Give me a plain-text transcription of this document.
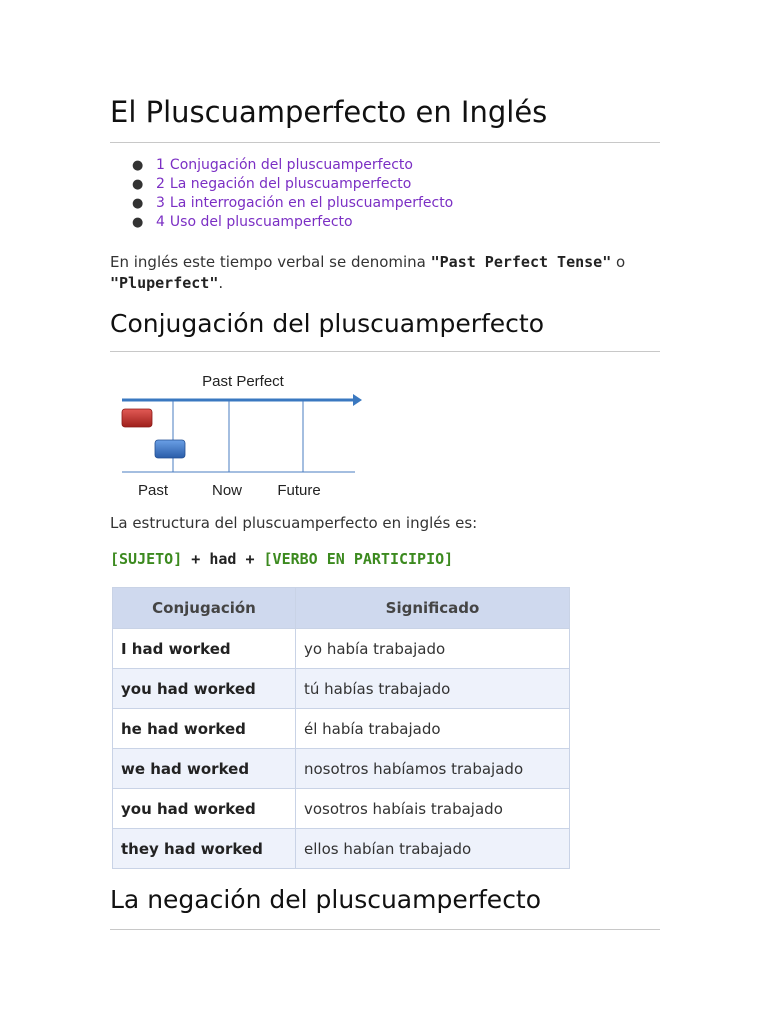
El Pluscuamperfecto en Inglés
● 1 Conjugación del pluscuamperfecto
● 2 La negación del pluscuamperfecto
● 3 La interrogación en el pluscuamperfecto
● 4 Uso del pluscuamperfecto

En inglés este tiempo verbal se denomina "Past Perfect Tense" o "Pluperfect".

Conjugación del pluscuamperfecto
Past Perfect
Past	Now Future

La estructura del pluscuamperfecto en inglés es:

[SUJETO] + had + [VERBO EN PARTICIPIO]

Conjugación	Significado
I had worked	yo había trabajado
you had worked	tú habías trabajado
he had worked	él había trabajado
we had worked	nosotros habíamos trabajado
you had worked	vosotros habíais trabajado
they had worked	ellos habían trabajado
La negación del pluscuamperfecto
